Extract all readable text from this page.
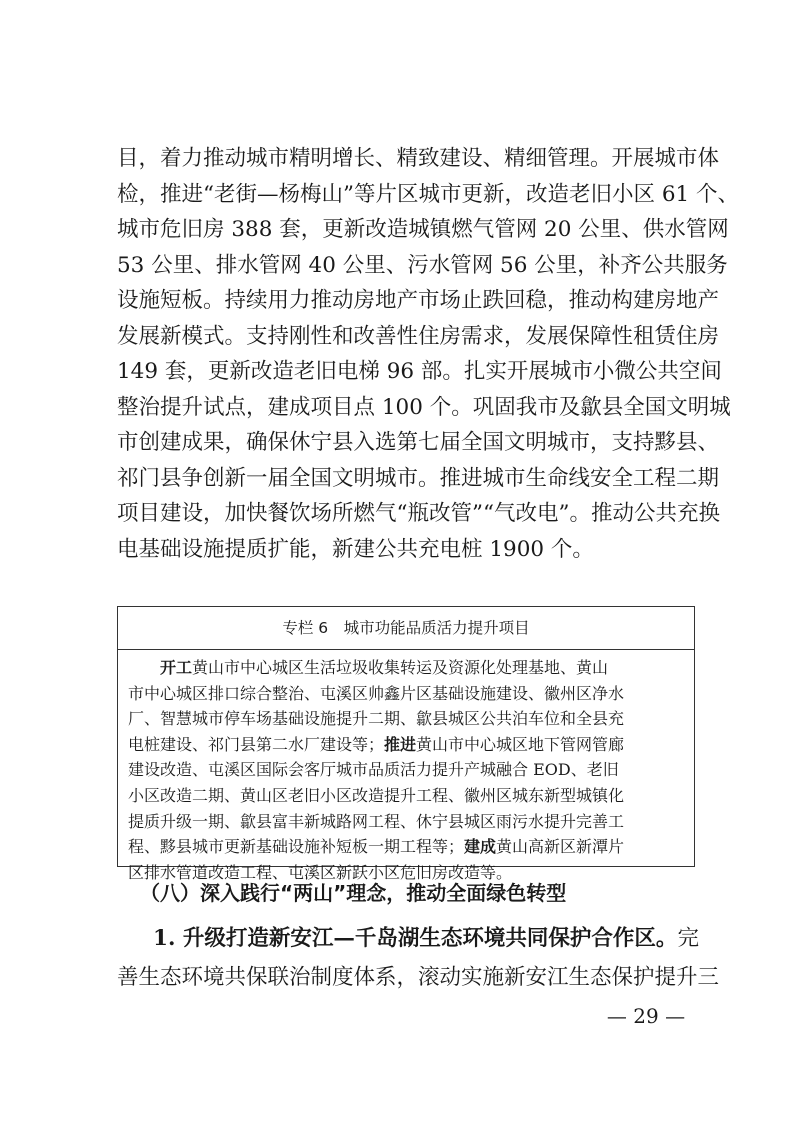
目，着力推动城市精明增长、精致建设、精细管理。开展城市体
检，推进“老街—杨梅山”等片区城市更新，改造老旧小区 61 个、
城市危旧房 388 套，更新改造城镇燃气管网 20 公里、供水管网
53 公里、排水管网 40 公里、污水管网 56 公里，补齐公共服务
设施短板。持续用力推动房地产市场止跌回稳，推动构建房地产
发展新模式。支持刚性和改善性住房需求，发展保障性租赁住房
149 套，更新改造老旧电梯 96 部。扎实开展城市小微公共空间
整治提升试点，建成项目点 100 个。巩固我市及歙县全国文明城
市创建成果，确保休宁县入选第七届全国文明城市，支持黟县、
祁门县争创新一届全国文明城市。推进城市生命线安全工程二期
项目建设，加快餐饮场所燃气“瓶改管”“气改电”。推动公共充换
电基础设施提质扩能，新建公共充电桩 1900 个。
专栏 6　城市功能品质活力提升项目
开工黄山市中心城区生活垃圾收集转运及资源化处理基地、黄山
市中心城区排口综合整治、屯溪区帅鑫片区基础设施建设、徽州区净水
厂、智慧城市停车场基础设施提升二期、歙县城区公共泊车位和全县充
电桩建设、祁门县第二水厂建设等；推进黄山市中心城区地下管网管廊
建设改造、屯溪区国际会客厅城市品质活力提升产城融合 EOD、老旧
小区改造二期、黄山区老旧小区改造提升工程、徽州区城东新型城镇化
提质升级一期、歙县富丰新城路网工程、休宁县城区雨污水提升完善工
程、黟县城市更新基础设施补短板一期工程等；建成黄山高新区新潭片
区排水管道改造工程、屯溪区新跃小区危旧房改造等。
（八）深入践行“两山”理念，推动全面绿色转型
1. 升级打造新安江—千岛湖生态环境共同保护合作区。完
善生态环境共保联治制度体系，滚动实施新安江生态保护提升三
— 29 —
